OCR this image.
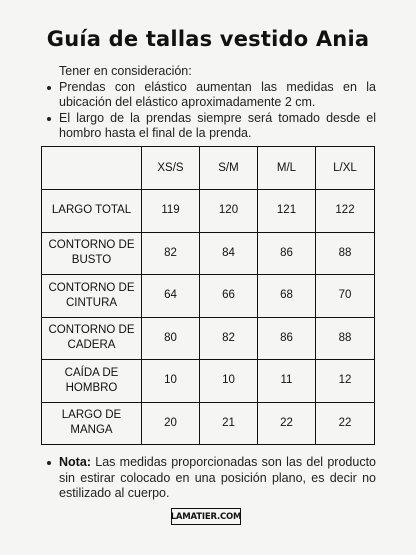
Guía de tallas vestido Ania
Tener en consideración:
Prendas con elástico aumentan las medidas en la ubicación del elástico aproximadamente 2 cm.
El largo de la prendas siempre será tomado desde el hombro hasta el final de la prenda.
	XS/S	S/M	M/L	L/XL
LARGO TOTAL	119	120	121	122
CONTORNO DE BUSTO	82	84	86	88
CONTORNO DE CINTURA	64	66	68	70
CONTORNO DE CADERA	80	82	86	88
CAÍDA DE HOMBRO	10	10	11	12
LARGO DE MANGA	20	21	22	22

Nota: Las medidas proporcionadas son las del producto sin estirar colocado en una posición plano, es decir no estilizado al cuerpo.

LAMATIER.COM
